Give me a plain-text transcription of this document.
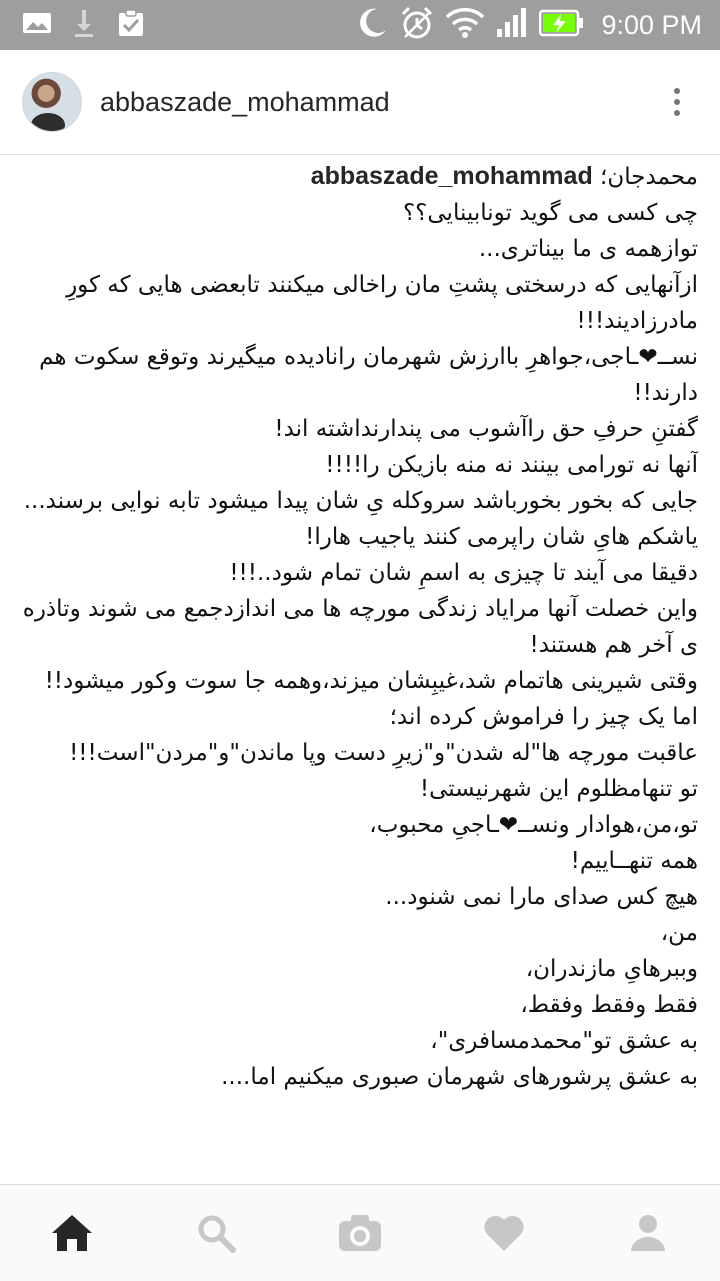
9:00 PM
abbaszade_mohammad

محمدجان؛ abbaszade_mohammad

چی کسی می گوید تونابینایی؟؟

توازهمه ی ما بیناتری...

ازآنهایی که درسختی پشتِ مان راخالی میکنند تابعضی هایی که کورِ مادرزادیند!!!

نســ❤ـاجی،جواهرِ باارزش شهرمان رانادیده میگیرند وتوقع سکوت هم دارند!!

گفتنِ حرفِ حق راآشوب می پندارنداشته اند!

آنها نه تورامی بینند نه منه بازیکن را!!!!

جایی که بخور بخورباشد سروکله یِ شان پیدا میشود تابه نوایی برسند...

یاشکم هایِ شان راپرمی کنند یاجیب هارا!

دقیقا می آیند تا چیزی به اسمِ شان تمام شود..!!!

واین خصلت آنها مرایاد زندگی مورچه ها می اندازدجمع می شوند وتاذره ی آخر هم هستند!

وقتی شیرینی هاتمام شد،غیبِشان میزند،وهمه جا سوت وکور میشود!!

اما یک چیز را فراموش کرده اند؛

عاقبت مورچه ها"له شدن"و"زیرِ دست وپا ماندن"و"مردن"است!!!

تو تنهامظلوم این شهرنیستی!

تو،من،هوادار ونســ❤ـاجیِ محبوب،

همه تنهــاییم!

هیچ کس صدای مارا نمی شنود...

من،

وببرهایِ مازندران،

فقط وفقط وفقط،

به عشق تو"محمدمسافری"،

به عشق پرشورهای شهرمان صبوری میکنیم اما....
